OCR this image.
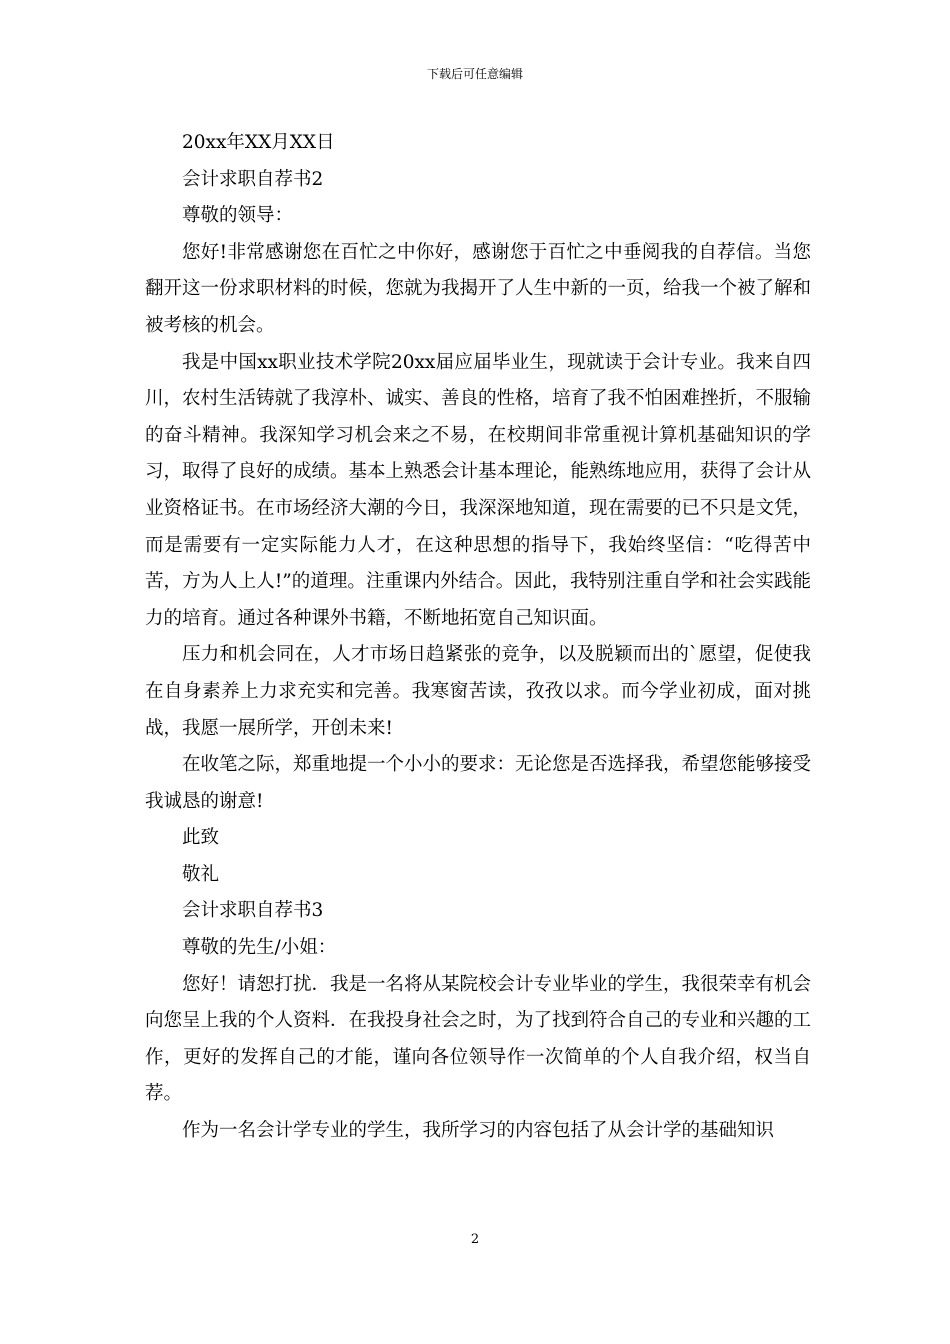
下载后可任意编辑

20xx年XX月XX日

会计求职自荐书2

尊敬的领导：

您好!非常感谢您在百忙之中你好，感谢您于百忙之中垂阅我的自荐信。当您翻开这一份求职材料的时候，您就为我揭开了人生中新的一页，给我一个被了解和被考核的机会。

我是中国xx职业技术学院20xx届应届毕业生，现就读于会计专业。我来自四川，农村生活铸就了我淳朴、诚实、善良的性格，培育了我不怕困难挫折，不服输的奋斗精神。我深知学习机会来之不易，在校期间非常重视计算机基础知识的学习，取得了良好的成绩。基本上熟悉会计基本理论，能熟练地应用，获得了会计从业资格证书。在市场经济大潮的今日，我深深地知道，现在需要的已不只是文凭，而是需要有一定实际能力人才，在这种思想的指导下，我始终坚信：“吃得苦中苦，方为人上人!”的道理。注重课内外结合。因此，我特别注重自学和社会实践能力的培育。通过各种课外书籍，不断地拓宽自己知识面。

压力和机会同在，人才市场日趋紧张的竞争，以及脱颖而出的`愿望，促使我在自身素养上力求充实和完善。我寒窗苦读，孜孜以求。而今学业初成，面对挑战，我愿一展所学，开创未来!

在收笔之际，郑重地提一个小小的要求：无论您是否选择我，希望您能够接受我诚恳的谢意!

此致

敬礼

会计求职自荐书3

尊敬的先生/小姐：

您好！请恕打扰．我是一名将从某院校会计专业毕业的学生，我很荣幸有机会向您呈上我的个人资料．在我投身社会之时，为了找到符合自己的专业和兴趣的工作，更好的发挥自己的才能，谨向各位领导作一次简单的个人自我介绍，权当自荐。

作为一名会计学专业的学生，我所学习的内容包括了从会计学的基础知识

2
